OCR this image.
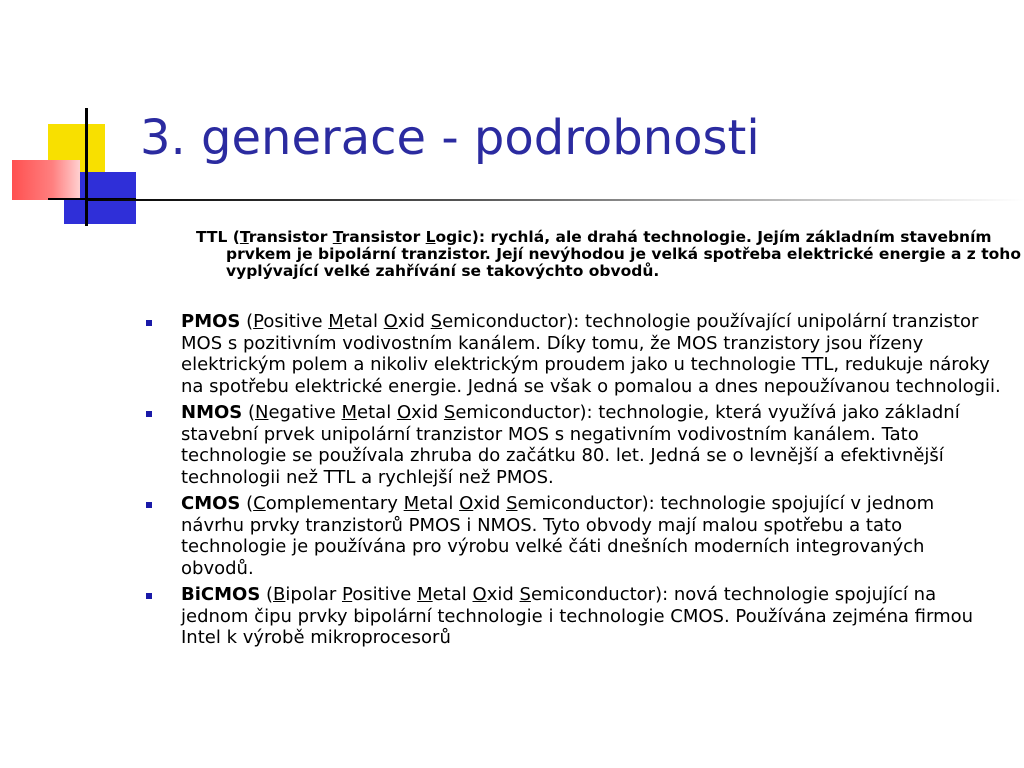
3. generace - podrobnosti
TTL (Transistor Transistor Logic): rychlá, ale drahá technologie. Jejím základním stavebním prvkem je bipolární tranzistor. Její nevýhodou je velká spotřeba elektrické energie a z toho vyplývající velké zahřívání se takovýchto obvodů.
PMOS (Positive Metal Oxid Semiconductor): technologie používající unipolární tranzistor MOS s pozitivním vodivostním kanálem. Díky tomu, že MOS tranzistory jsou řízeny elektrickým polem a nikoliv elektrickým proudem jako u technologie TTL, redukuje nároky na spotřebu elektrické energie. Jedná se však o pomalou a dnes nepoužívanou technologii.
NMOS (Negative Metal Oxid Semiconductor): technologie, která využívá jako základní stavební prvek unipolární tranzistor MOS s negativním vodivostním kanálem. Tato technologie se používala zhruba do začátku 80. let. Jedná se o levnější a efektivnější technologii než TTL a rychlejší než PMOS.
CMOS (Complementary Metal Oxid Semiconductor): technologie spojující v jednom návrhu prvky tranzistorů PMOS i NMOS. Tyto obvody mají malou spotřebu a tato technologie je používána pro výrobu velké čáti dnešních moderních integrovaných obvodů.
BiCMOS (Bipolar Positive Metal Oxid Semiconductor): nová technologie spojující na jednom čipu prvky bipolární technologie i technologie CMOS. Používána zejména firmou Intel k výrobě mikroprocesorů
